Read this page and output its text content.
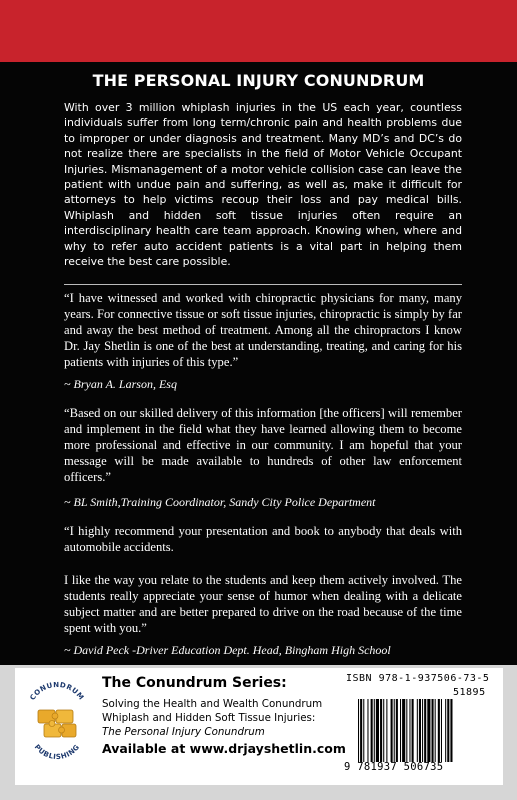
THE PERSONAL INJURY CONUNDRUM
With over 3 million whiplash injuries in the US each year, countless individuals suffer from long term/chronic pain and health problems due to improper or under diagnosis and treatment. Many MD’s and DC’s do not realize there are specialists in the field of Motor Vehicle Occupant Injuries. Mismanagement of a motor vehicle collision case can leave the patient with undue pain and suffering, as well as, make it difficult for attorneys to help victims recoup their loss and pay medical bills. Whiplash and hidden soft tissue injuries often require an interdisciplinary health care team approach. Knowing when, where and why to refer auto accident patients is a vital part in helping them receive the best care possible.

“I have witnessed and worked with chiropractic physicians for many, many years. For connective tissue or soft tissue injuries, chiropractic is simply by far and away the best method of treatment. Among all the chiropractors I know Dr. Jay Shetlin is one of the best at understanding, treating, and caring for his patients with injuries of this type.”

~ Bryan A. Larson, Esq

“Based on our skilled delivery of this information [the officers] will remember and implement in the field what they have learned allowing them to become more professional and effective in our community. I am hopeful that your message will be made available to hundreds of other law enforcement officers.”

~ BL Smith,Training Coordinator, Sandy City Police Department

“I highly recommend your presentation and book to anybody that deals with automobile accidents.

I like the way you relate to the students and keep them actively involved. The students really appreciate your sense of humor when dealing with a delicate subject matter and are better prepared to drive on the road because of the time spent with you.”

~ David Peck -Driver Education Dept. Head, Bingham High School

CONUNDRUM
PUBLISHING
The Conundrum Series:
Solving the Health and Wealth Conundrum
Whiplash and Hidden Soft Tissue Injuries:
The Personal Injury Conundrum
Available at www.drjayshetlin.com
ISBN 978-1-937506-73-5
51895
9 781937 506735
